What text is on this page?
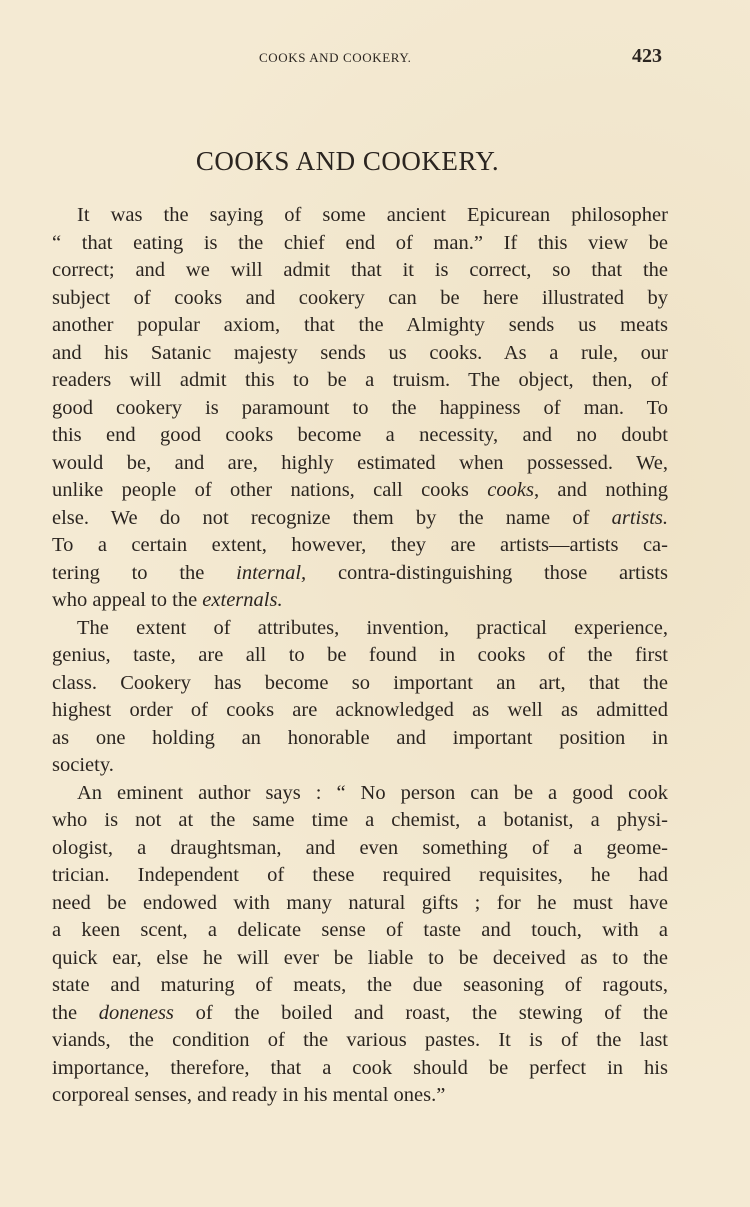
COOKS AND COOKERY.	423
COOKS AND COOKERY.
It was the saying of some ancient Epicurean philosopher
“ that eating is the chief end of man.” If this view be
correct; and we will admit that it is correct, so that the
subject of cooks and cookery can be here illustrated by
another popular axiom, that the Almighty sends us meats
and his Satanic majesty sends us cooks. As a rule, our
readers will admit this to be a truism. The object, then, of
good cookery is paramount to the happiness of man. To
this end good cooks become a necessity, and no doubt
would be, and are, highly estimated when possessed. We,
unlike people of other nations, call cooks cooks, and nothing
else. We do not recognize them by the name of artists.
To a certain extent, however, they are artists—artists ca-
tering to the internal, contra-distinguishing those artists
who appeal to the externals.
The extent of attributes, invention, practical experience,
genius, taste, are all to be found in cooks of the first
class. Cookery has become so important an art, that the
highest order of cooks are acknowledged as well as admitted
as one holding an honorable and important position in
society.
An eminent author says : “ No person can be a good cook
who is not at the same time a chemist, a botanist, a physi-
ologist, a draughtsman, and even something of a geome-
trician. Independent of these required requisites, he had
need be endowed with many natural gifts ; for he must have
a keen scent, a delicate sense of taste and touch, with a
quick ear, else he will ever be liable to be deceived as to the
state and maturing of meats, the due seasoning of ragouts,
the doneness of the boiled and roast, the stewing of the
viands, the condition of the various pastes. It is of the last
importance, therefore, that a cook should be perfect in his
corporeal senses, and ready in his mental ones.”
